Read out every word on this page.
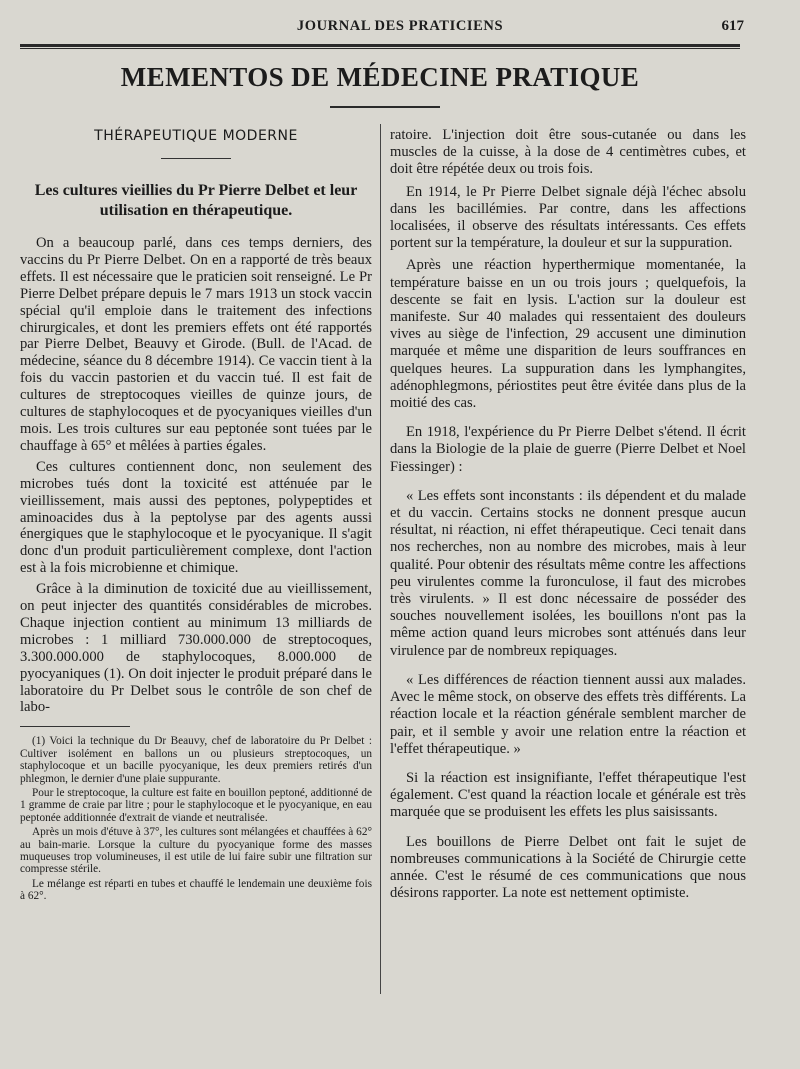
JOURNAL DES PRATICIENS	617
MEMENTOS DE MÉDECINE PRATIQUE
THÉRAPEUTIQUE MODERNE
Les cultures vieillies du Pr Pierre Delbet et leur utilisation en thérapeutique.

On a beaucoup parlé, dans ces temps derniers, des vaccins du Pr Pierre Delbet. On en a rapporté de très beaux effets. Il est nécessaire que le praticien soit renseigné. Le Pr Pierre Delbet prépare depuis le 7 mars 1913 un stock vaccin spécial qu'il emploie dans le traitement des infections chirurgicales, et dont les premiers effets ont été rapportés par Pierre Delbet, Beauvy et Girode. (Bull. de l'Acad. de médecine, séance du 8 décembre 1914). Ce vaccin tient à la fois du vaccin pastorien et du vaccin tué. Il est fait de cultures de streptocoques vieilles de quinze jours, de cultures de staphylocoques et de pyocyaniques vieilles d'un mois. Les trois cultures sur eau peptonée sont tuées par le chauffage à 65° et mêlées à parties égales.

Ces cultures contiennent donc, non seulement des microbes tués dont la toxicité est atténuée par le vieillissement, mais aussi des peptones, polypeptides et aminoacides dus à la peptolyse par des agents aussi énergiques que le staphylocoque et le pyocyanique. Il s'agit donc d'un produit particulièrement complexe, dont l'action est à la fois microbienne et chimique.

Grâce à la diminution de toxicité due au vieillissement, on peut injecter des quantités considérables de microbes. Chaque injection contient au minimum 13 milliards de microbes : 1 milliard 730.000.000 de streptocoques, 3.300.000.000 de staphylocoques, 8.000.000 de pyocyaniques (1). On doit injecter le produit préparé dans le laboratoire du Pr Delbet sous le contrôle de son chef de labo-

(1) Voici la technique du Dr Beauvy, chef de laboratoire du Pr Delbet : Cultiver isolément en ballons un ou plusieurs streptocoques, un staphylocoque et un bacille pyocyanique, les deux premiers retirés d'un phlegmon, le dernier d'une plaie suppurante.

Pour le streptocoque, la culture est faite en bouillon peptoné, additionné de 1 gramme de craie par litre ; pour le staphylocoque et le pyocyanique, en eau peptonée additionnée d'extrait de viande et neutralisée.

Après un mois d'étuve à 37°, les cultures sont mélangées et chauffées à 62° au bain-marie. Lorsque la culture du pyocyanique forme des masses muqueuses trop volumineuses, il est utile de lui faire subir une filtration sur compresse stérile.

Le mélange est réparti en tubes et chauffé le lendemain une deuxième fois à 62°.

ratoire. L'injection doit être sous-cutanée ou dans les muscles de la cuisse, à la dose de 4 centimètres cubes, et doit être répétée deux ou trois fois.

En 1914, le Pr Pierre Delbet signale déjà l'échec absolu dans les bacillémies. Par contre, dans les affections localisées, il observe des résultats intéressants. Ces effets portent sur la température, la douleur et sur la suppuration.

Après une réaction hyperthermique momentanée, la température baisse en un ou trois jours ; quelquefois, la descente se fait en lysis. L'action sur la douleur est manifeste. Sur 40 malades qui ressentaient des douleurs vives au siège de l'infection, 29 accusent une diminution marquée et même une disparition de leurs souffrances en quelques heures. La suppuration dans les lymphangites, adénophlegmons, périostites peut être évitée dans plus de la moitié des cas.

En 1918, l'expérience du Pr Pierre Delbet s'étend. Il écrit dans la Biologie de la plaie de guerre (Pierre Delbet et Noel Fiessinger) :

« Les effets sont inconstants : ils dépendent et du malade et du vaccin. Certains stocks ne donnent presque aucun résultat, ni réaction, ni effet thérapeutique. Ceci tenait dans nos recherches, non au nombre des microbes, mais à leur qualité. Pour obtenir des résultats même contre les affections peu virulentes comme la furonculose, il faut des microbes très virulents. » Il est donc nécessaire de posséder des souches nouvellement isolées, les bouillons n'ont pas la même action quand leurs microbes sont atténués dans leur virulence par de nombreux repiquages.

« Les différences de réaction tiennent aussi aux malades. Avec le même stock, on observe des effets très différents. La réaction locale et la réaction générale semblent marcher de pair, et il semble y avoir une relation entre la réaction et l'effet thérapeutique. »

Si la réaction est insignifiante, l'effet thérapeutique l'est également. C'est quand la réaction locale et générale est très marquée que se produisent les effets les plus saisissants.

Les bouillons de Pierre Delbet ont fait le sujet de nombreuses communications à la Société de Chirurgie cette année. C'est le résumé de ces communications que nous désirons rapporter. La note est nettement optimiste.
